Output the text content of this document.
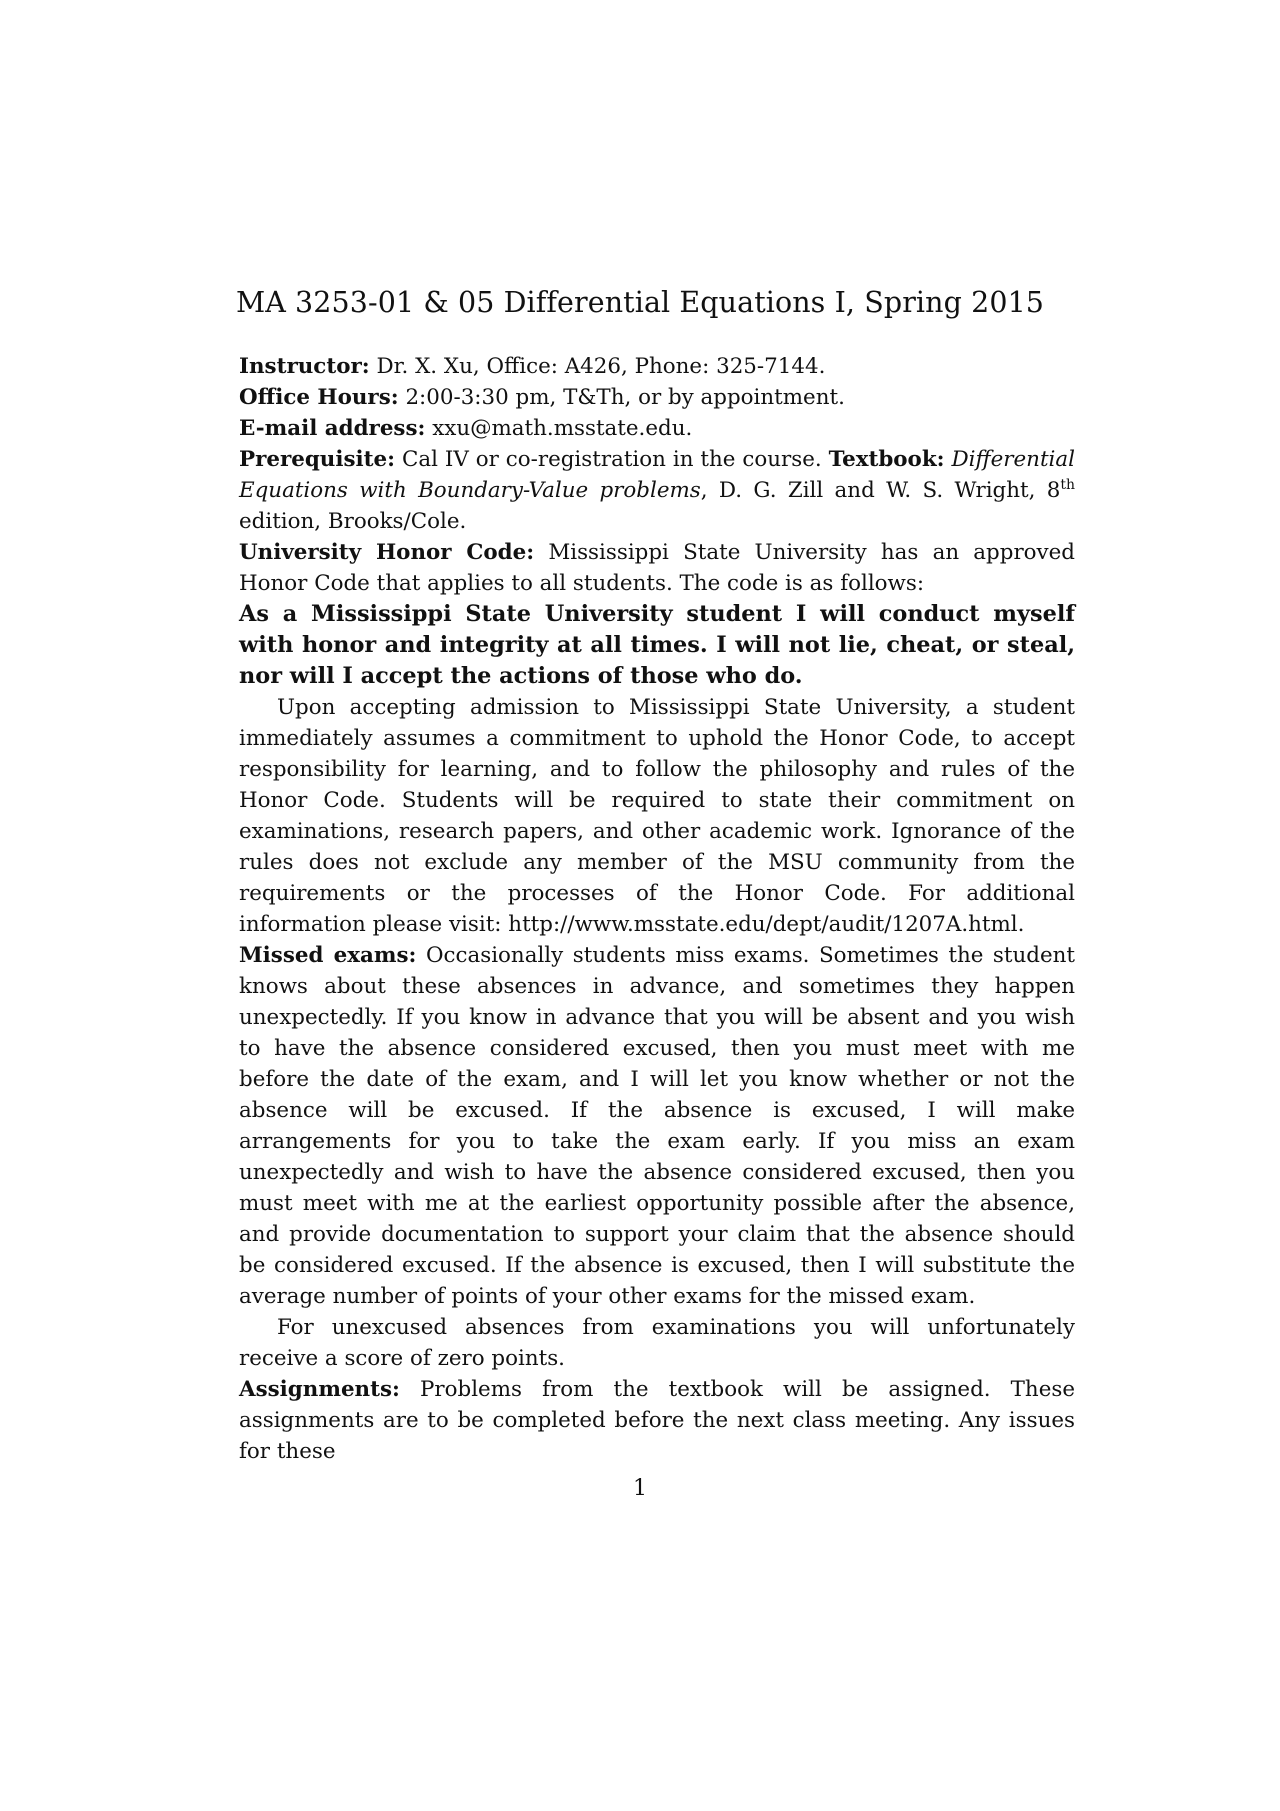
MA 3253-01 & 05 Differential Equations I, Spring 2015

Instructor: Dr. X. Xu, Office: A426, Phone: 325-7144.

Office Hours: 2:00-3:30 pm, T&Th, or by appointment.

E-mail address: xxu@math.msstate.edu.

Prerequisite: Cal IV or co-registration in the course. Textbook: Differential Equations with Boundary-Value problems, D. G. Zill and W. S. Wright, 8th edition, Brooks/Cole.

University Honor Code: Mississippi State University has an approved Honor Code that applies to all students. The code is as follows:

As a Mississippi State University student I will conduct myself with honor and integrity at all times. I will not lie, cheat, or steal, nor will I accept the actions of those who do.

Upon accepting admission to Mississippi State University, a student immediately assumes a commitment to uphold the Honor Code, to accept responsibility for learning, and to follow the philosophy and rules of the Honor Code. Students will be required to state their commitment on examinations, research papers, and other academic work. Ignorance of the rules does not exclude any member of the MSU community from the requirements or the processes of the Honor Code. For additional information please visit: http://www.msstate.edu/dept/audit/1207A.html.

Missed exams: Occasionally students miss exams. Sometimes the student knows about these absences in advance, and sometimes they happen unexpectedly. If you know in advance that you will be absent and you wish to have the absence considered excused, then you must meet with me before the date of the exam, and I will let you know whether or not the absence will be excused. If the absence is excused, I will make arrangements for you to take the exam early. If you miss an exam unexpectedly and wish to have the absence considered excused, then you must meet with me at the earliest opportunity possible after the absence, and provide documentation to support your claim that the absence should be considered excused. If the absence is excused, then I will substitute the average number of points of your other exams for the missed exam.

For unexcused absences from examinations you will unfortunately receive a score of zero points.

Assignments: Problems from the textbook will be assigned. These assignments are to be completed before the next class meeting. Any issues for these

1
